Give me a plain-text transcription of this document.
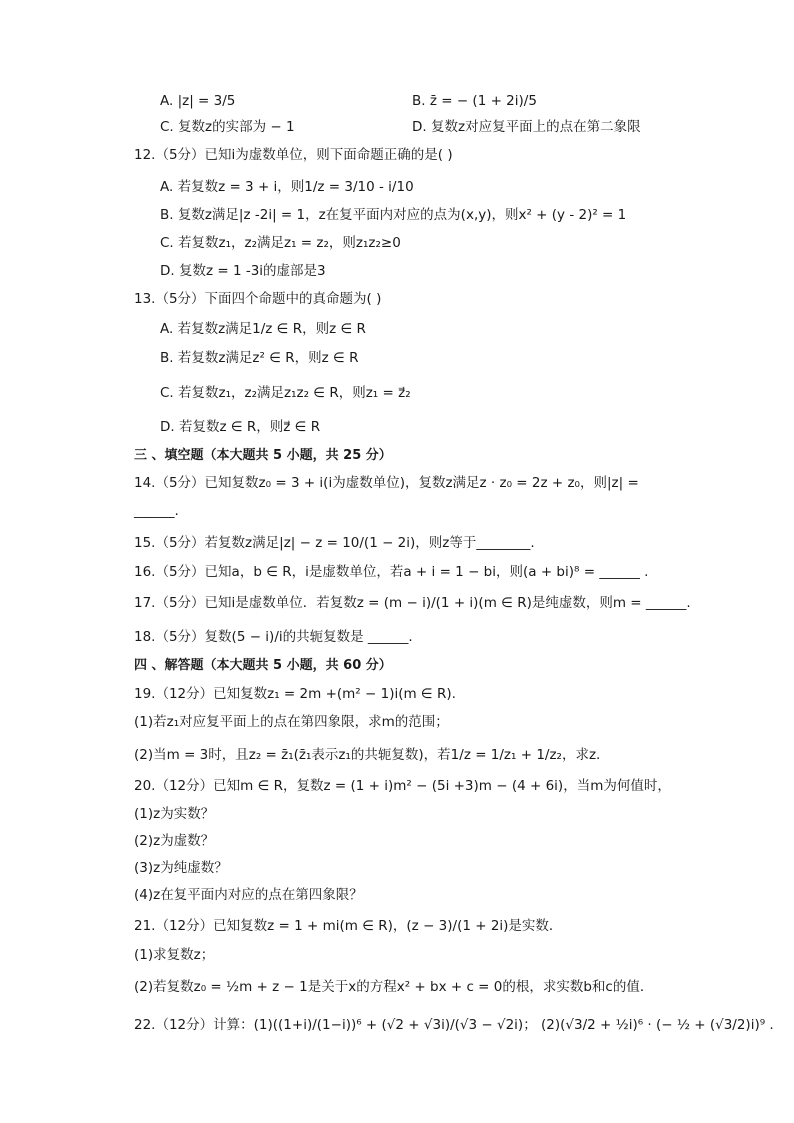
A. |z| = 3/5	B. z̄ = − (1 + 2i)/5
C. 复数z的实部为 − 1	D. 复数z对应复平面上的点在第二象限
12.（5分）已知i为虚数单位，则下面命题正确的是( )
A. 若复数z = 3 + i，则1/z = 3/10 - i/10
B. 复数z满足|z -2i| = 1，z在复平面内对应的点为(x,y)，则x² + (y - 2)² = 1
C. 若复数z₁，z₂满足z₁ = z₂，则z₁z₂≥0
D. 复数z = 1 -3i的虚部是3
13.（5分）下面四个命题中的真命题为( )
A. 若复数z满足1/z ∈ R，则z ∈ R
B. 若复数z满足z² ∈ R，则z ∈ R
C. 若复数z₁，z₂满足z₁z₂ ∈ R，则z₁ = z⃗₂
D. 若复数z ∈ R，则z⃗ ∈ R
三 、填空题（本大题共 5 小题，共 25 分）
14.（5分）已知复数z₀ = 3 + i(i为虚数单位)，复数z满足z · z₀ = 2z + z₀，则|z| =
______.
15.（5分）若复数z满足|z| − z = 10/(1 − 2i)，则z等于________.
16.（5分）已知a，b ∈ R，i是虚数单位，若a + i = 1 − bi，则(a + bi)⁸ = ______ .
17.（5分）已知i是虚数单位．若复数z = (m − i)/(1 + i)(m ∈ R)是纯虚数，则m = ______.
18.（5分）复数(5 − i)/i的共轭复数是 ______.
四 、解答题（本大题共 5 小题，共 60 分）
19.（12分）已知复数z₁ = 2m +(m² − 1)i(m ∈ R).
(1)若z₁对应复平面上的点在第四象限，求m的范围；
(2)当m = 3时，且z₂ = z̄₁(z̄₁表示z₁的共轭复数)，若1/z = 1/z₁ + 1/z₂，求z.
20.（12分）已知m ∈ R，复数z = (1 + i)m² − (5i +3)m − (4 + 6i)，当m为何值时，
(1)z为实数？
(2)z为虚数？
(3)z为纯虚数？
(4)z在复平面内对应的点在第四象限？
21.（12分）已知复数z = 1 + mi(m ∈ R)，(z − 3)/(1 + 2i)是实数．
(1)求复数z；
(2)若复数z₀ = ½m + z − 1是关于x的方程x² + bx + c = 0的根，求实数b和c的值．
22.（12分）计算：(1)((1+i)/(1−i))⁶ + (√2 + √3i)/(√3 − √2i)； (2)(√3/2 + ½i)⁶ · (− ½ + (√3/2)i)⁹ .
